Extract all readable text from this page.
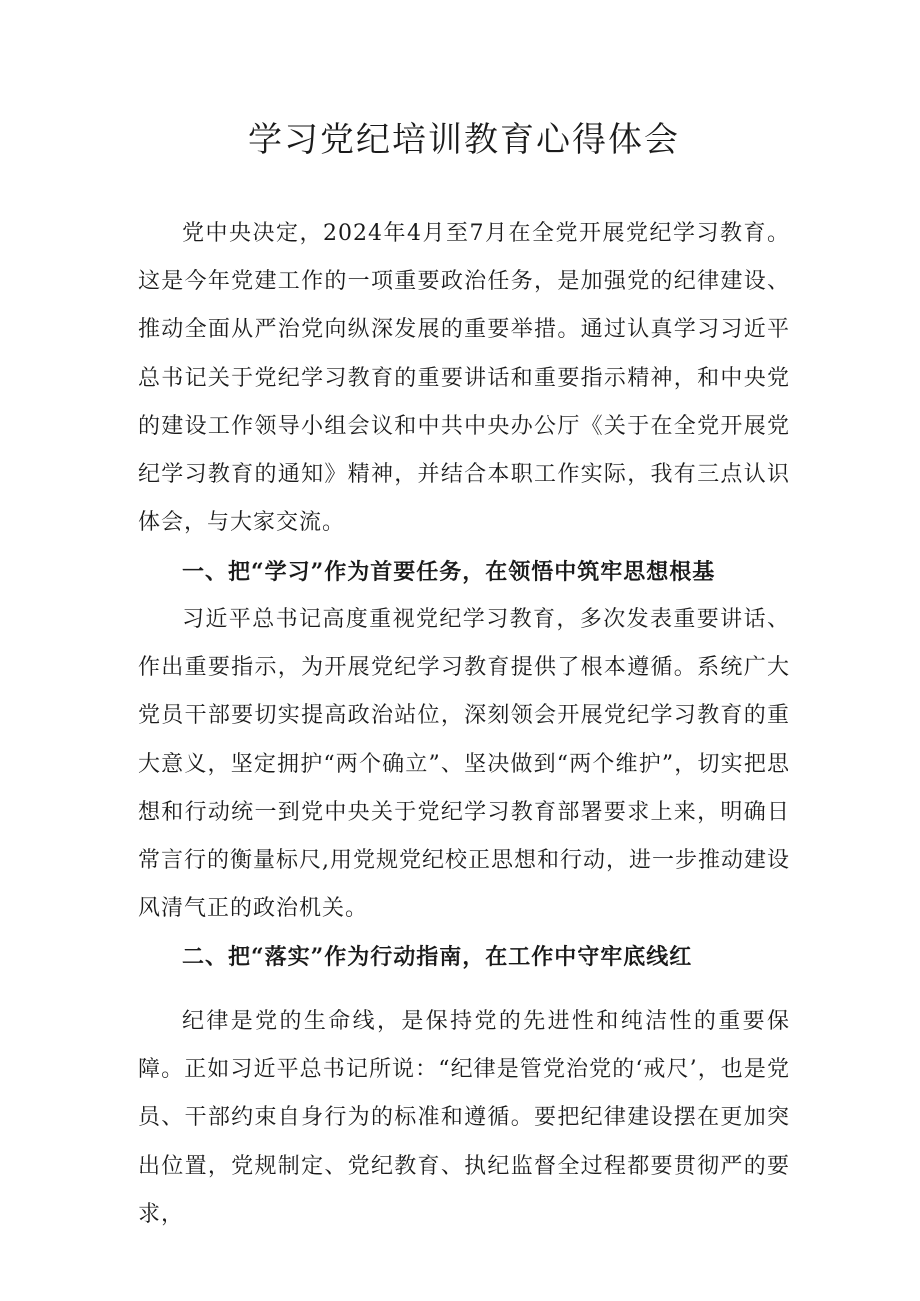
学习党纪培训教育心得体会

党中央决定，2024年4月至7月在全党开展党纪学习教育。这是今年党建工作的一项重要政治任务，是加强党的纪律建设、推动全面从严治党向纵深发展的重要举措。通过认真学习习近平总书记关于党纪学习教育的重要讲话和重要指示精神，和中央党的建设工作领导小组会议和中共中央办公厅《关于在全党开展党纪学习教育的通知》精神，并结合本职工作实际，我有三点认识体会，与大家交流。

一、把“学习”作为首要任务，在领悟中筑牢思想根基

习近平总书记高度重视党纪学习教育，多次发表重要讲话、作出重要指示，为开展党纪学习教育提供了根本遵循。系统广大党员干部要切实提高政治站位，深刻领会开展党纪学习教育的重大意义，坚定拥护“两个确立”、坚决做到“两个维护”，切实把思想和行动统一到党中央关于党纪学习教育部署要求上来，明确日常言行的衡量标尺,用党规党纪校正思想和行动，进一步推动建设风清气正的政治机关。

二、把“落实”作为行动指南，在工作中守牢底线红

纪律是党的生命线，是保持党的先进性和纯洁性的重要保障。正如习近平总书记所说：“纪律是管党治党的‘戒尺’，也是党员、干部约束自身行为的标准和遵循。要把纪律建设摆在更加突出位置，党规制定、党纪教育、执纪监督全过程都要贯彻严的要求，
